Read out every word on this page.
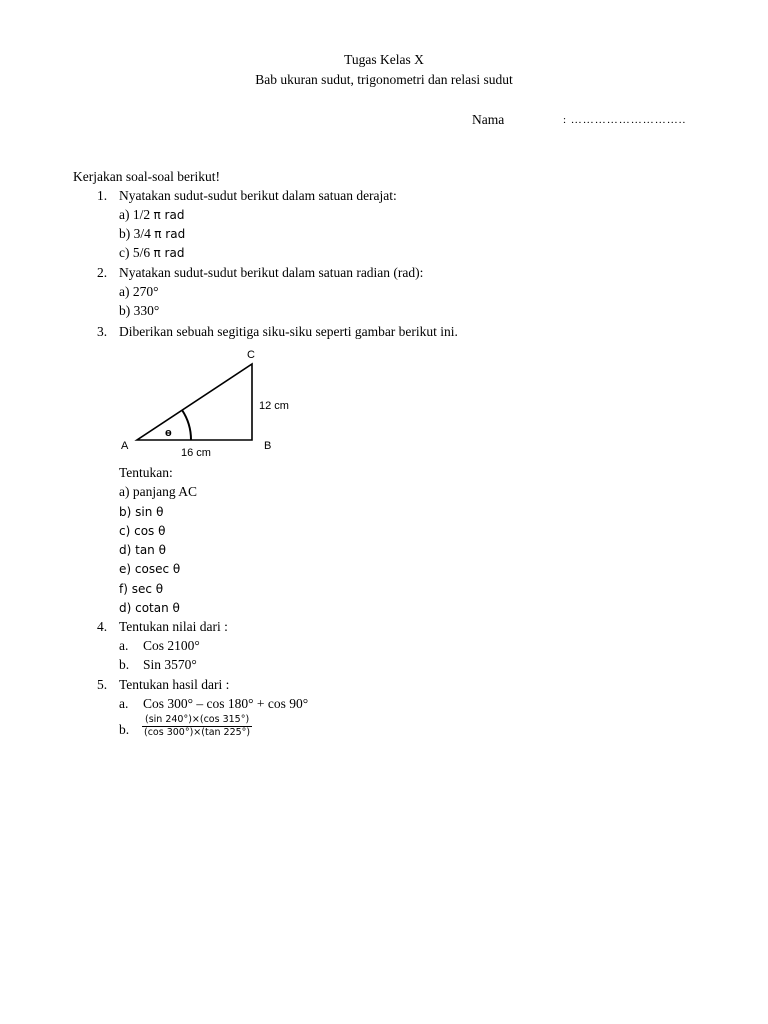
Tugas Kelas X
Bab ukuran sudut, trigonometri dan relasi sudut
Nama	: ………………………..
Kerjakan soal-soal berikut!
1. Nyatakan sudut-sudut berikut dalam satuan derajat:
a) 1/2 π rad
b) 3/4 π rad
c) 5/6 π rad
2. Nyatakan sudut-sudut berikut dalam satuan radian (rad):
a) 270°
b) 330°
3. Diberikan sebuah segitiga siku-siku seperti gambar berikut ini.
ɵ
A	B
C
12 cm
16 cm
Tentukan:
a) panjang AC
b) sin θ
c) cos θ
d) tan θ
e) cosec θ
f) sec θ
d) cotan θ
4. Tentukan nilai dari :
a. Cos 2100°
b. Sin 3570°
5. Tentukan hasil dari :
a. Cos 300° – cos 180° + cos 90°
b. $\frac{(\sin 240^\circ)\times(\cos 315^\circ)}{(\cos 300^\circ)\times(\tan 225^\circ)}$
